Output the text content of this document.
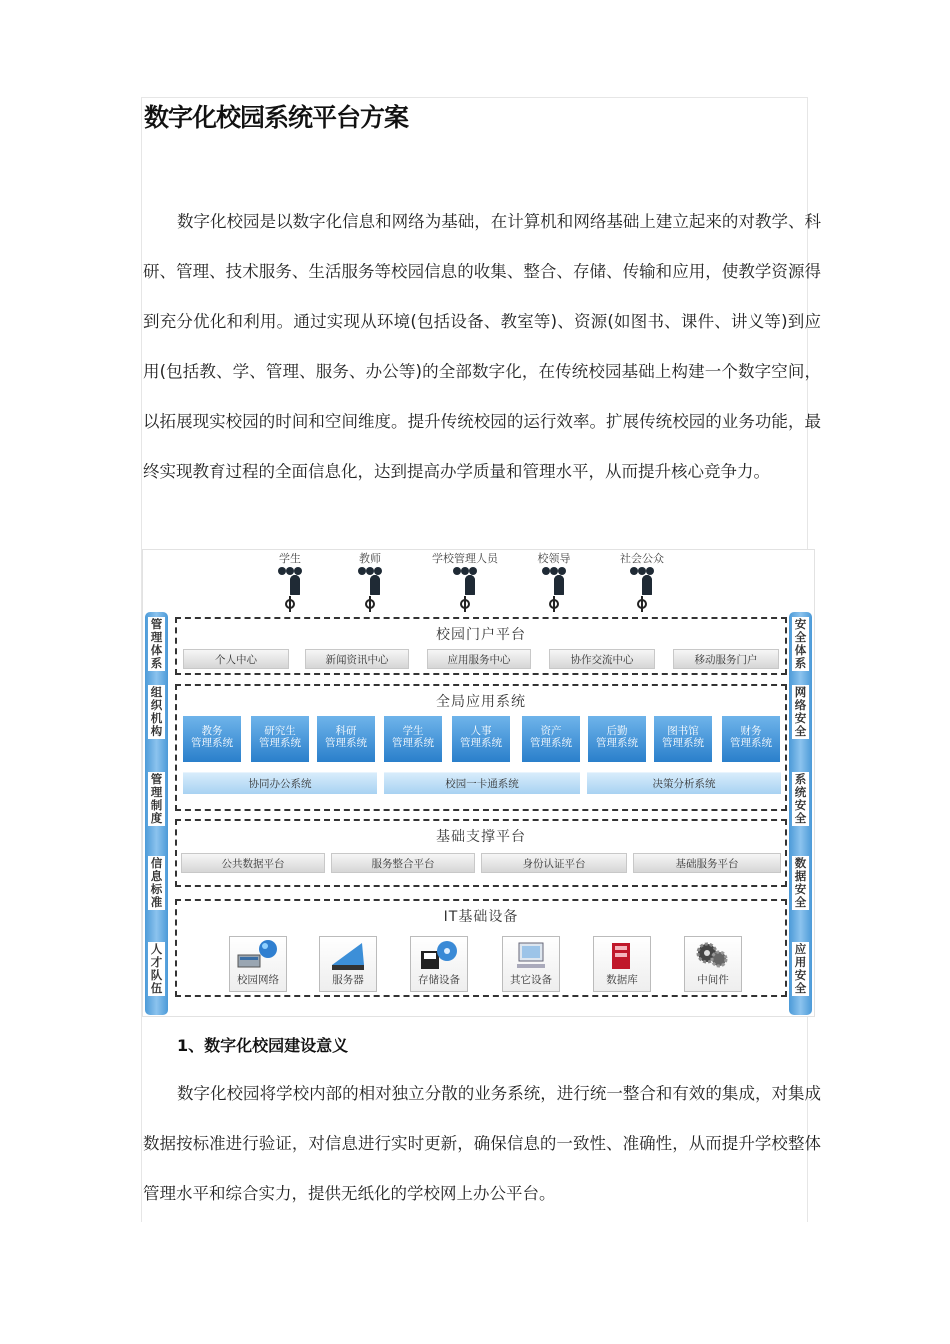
数字化校园系统平台方案

数字化校园是以数字化信息和网络为基础，在计算机和网络基础上建立起来的对教学、科研、管理、技术服务、生活服务等校园信息的收集、整合、存储、传输和应用，使教学资源得到充分优化和利用。通过实现从环境(包括设备、教室等)、资源(如图书、课件、讲义等)到应用(包括教、学、管理、服务、办公等)的全部数字化，在传统校园基础上构建一个数字空间，以拓展现实校园的时间和空间维度。提升传统校园的运行效率。扩展传统校园的业务功能，最终实现教育过程的全面信息化，达到提高办学质量和管理水平，从而提升核心竞争力。

学生	教师	学校管理人员	校领导	社会公众
管理体系
组织机构
管理制度
信息标准
人才队伍
安全体系
网络安全
系统安全
数据安全
应用安全
校园门户平台
个人中心	新闻资讯中心	应用服务中心	协作交流中心	移动服务门户
全局应用系统
教务
管理系统
研究生
管理系统
科研
管理系统
学生
管理系统
人事
管理系统
资产
管理系统
后勤
管理系统
图书馆
管理系统
财务
管理系统
协同办公系统	校园一卡通系统	决策分析系统
基础支撑平台
公共数据平台	服务整合平台	身份认证平台	基础服务平台
IT基础设备
校园网络	服务器	存储设备	其它设备	数据库	中间件
1、数字化校园建设意义

数字化校园将学校内部的相对独立分散的业务系统，进行统一整合和有效的集成，对集成数据按标准进行验证，对信息进行实时更新，确保信息的一致性、准确性，从而提升学校整体管理水平和综合实力，提供无纸化的学校网上办公平台。
